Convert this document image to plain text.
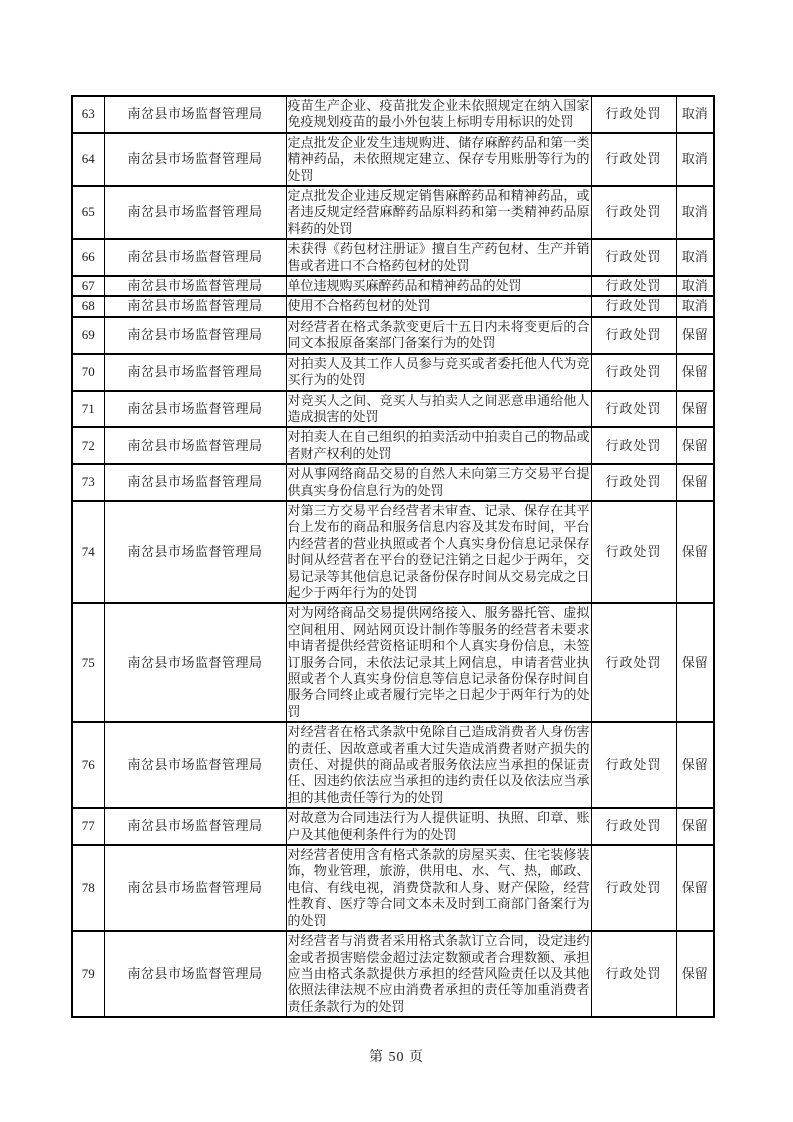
63	南岔县市场监督管理局	疫苗生产企业、疫苗批发企业未依照规定在纳入国家免疫规划疫苗的最小外包装上标明专用标识的处罚	行政处罚	取消
64	南岔县市场监督管理局	定点批发企业发生违规购进、储存麻醉药品和第一类精神药品，未依照规定建立、保存专用账册等行为的处罚	行政处罚	取消
65	南岔县市场监督管理局	定点批发企业违反规定销售麻醉药品和精神药品，或者违反规定经营麻醉药品原料药和第一类精神药品原料药的处罚	行政处罚	取消
66	南岔县市场监督管理局	未获得《药包材注册证》擅自生产药包材、生产并销售或者进口不合格药包材的处罚	行政处罚	取消
67	南岔县市场监督管理局	单位违规购买麻醉药品和精神药品的处罚	行政处罚	取消
68	南岔县市场监督管理局	使用不合格药包材的处罚	行政处罚	取消
69	南岔县市场监督管理局	对经营者在格式条款变更后十五日内未将变更后的合同文本报原备案部门备案行为的处罚	行政处罚	保留
70	南岔县市场监督管理局	对拍卖人及其工作人员参与竞买或者委托他人代为竞买行为的处罚	行政处罚	保留
71	南岔县市场监督管理局	对竞买人之间、竞买人与拍卖人之间恶意串通给他人造成损害的处罚	行政处罚	保留
72	南岔县市场监督管理局	对拍卖人在自己组织的拍卖活动中拍卖自己的物品或者财产权利的处罚	行政处罚	保留
73	南岔县市场监督管理局	对从事网络商品交易的自然人未向第三方交易平台提供真实身份信息行为的处罚	行政处罚	保留
74	南岔县市场监督管理局	对第三方交易平台经营者未审查、记录、保存在其平台上发布的商品和服务信息内容及其发布时间，平台内经营者的营业执照或者个人真实身份信息记录保存时间从经营者在平台的登记注销之日起少于两年，交易记录等其他信息记录备份保存时间从交易完成之日起少于两年行为的处罚	行政处罚	保留
75	南岔县市场监督管理局	对为网络商品交易提供网络接入、服务器托管、虚拟空间租用、网站网页设计制作等服务的经营者未要求申请者提供经营资格证明和个人真实身份信息，未签订服务合同，未依法记录其上网信息，申请者营业执照或者个人真实身份信息等信息记录备份保存时间自服务合同终止或者履行完毕之日起少于两年行为的处罚	行政处罚	保留
76	南岔县市场监督管理局	对经营者在格式条款中免除自己造成消费者人身伤害的责任、因故意或者重大过失造成消费者财产损失的责任、对提供的商品或者服务依法应当承担的保证责任、因违约依法应当承担的违约责任以及依法应当承担的其他责任等行为的处罚	行政处罚	保留
77	南岔县市场监督管理局	对故意为合同违法行为人提供证明、执照、印章、账户及其他便利条件行为的处罚	行政处罚	保留
78	南岔县市场监督管理局	对经营者使用含有格式条款的房屋买卖、住宅装修装饰，物业管理，旅游，供用电、水、气、热，邮政、电信、有线电视，消费贷款和人身、财产保险，经营性教育、医疗等合同文本未及时到工商部门备案行为的处罚	行政处罚	保留
79	南岔县市场监督管理局	对经营者与消费者采用格式条款订立合同，设定违约金或者损害赔偿金超过法定数额或者合理数额、承担应当由格式条款提供方承担的经营风险责任以及其他依照法律法规不应由消费者承担的责任等加重消费者责任条款行为的处罚	行政处罚	保留
第 50 页
